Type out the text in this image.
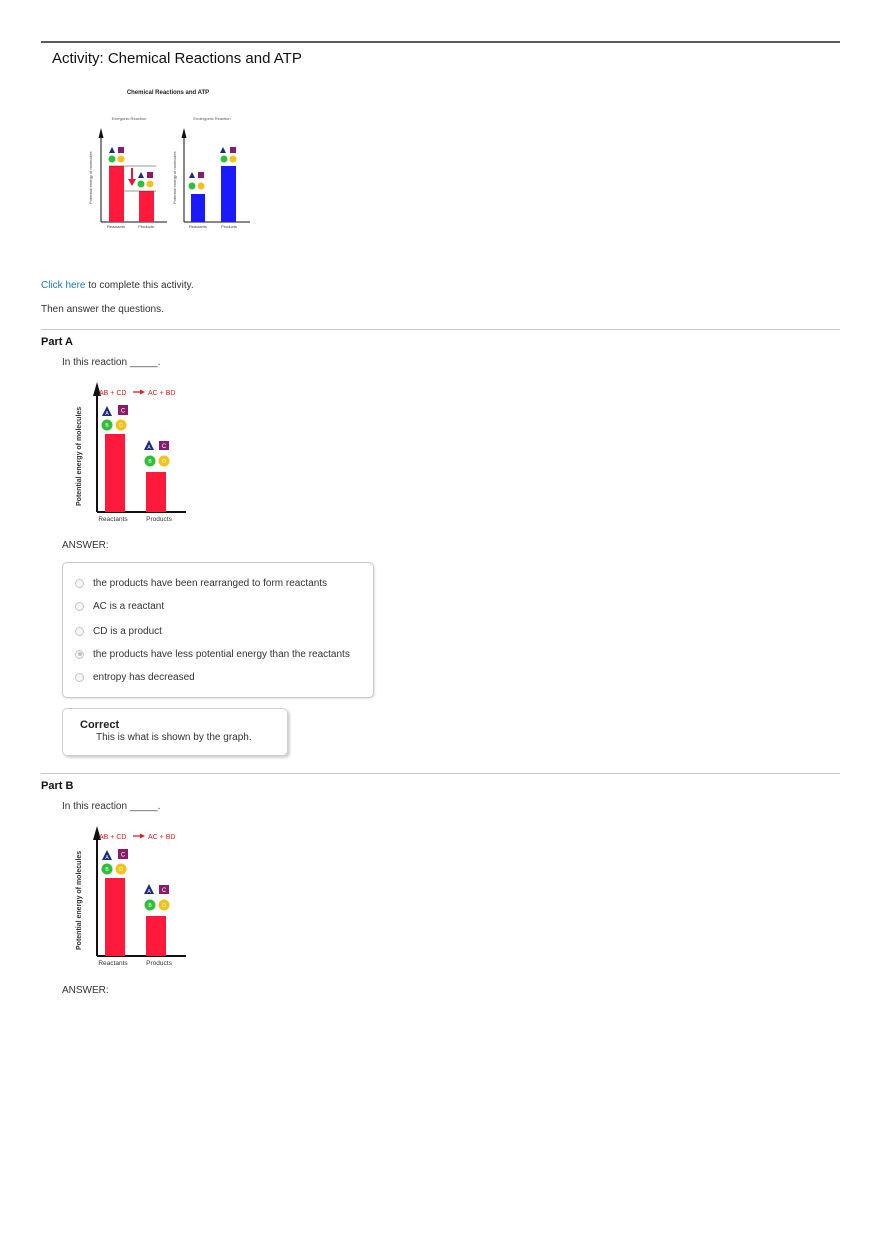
Activity: Chemical Reactions and ATP
Chemical Reactions and ATP
Exergonic Reaction
Potential energy of molecules
Reactants	Products
Endergonic Reaction
Potential energy of molecules
Reactants	Products
Click here to complete this activity.
Then answer the questions.
Part A
In this reaction _____.
Potential energy of molecules
AB + CD	AC + BD
A C
B D
A C
B D
Reactants	Products
ANSWER:
the products have been rearranged to form reactants
AC is a reactant
CD is a product
the products have less potential energy than the reactants
entropy has decreased
Correct
This is what is shown by the graph.
Part B
In this reaction _____.
Potential energy of molecules
AB + CD	AC + BD
A C
B D
A C
B D
Reactants	Products
ANSWER:
